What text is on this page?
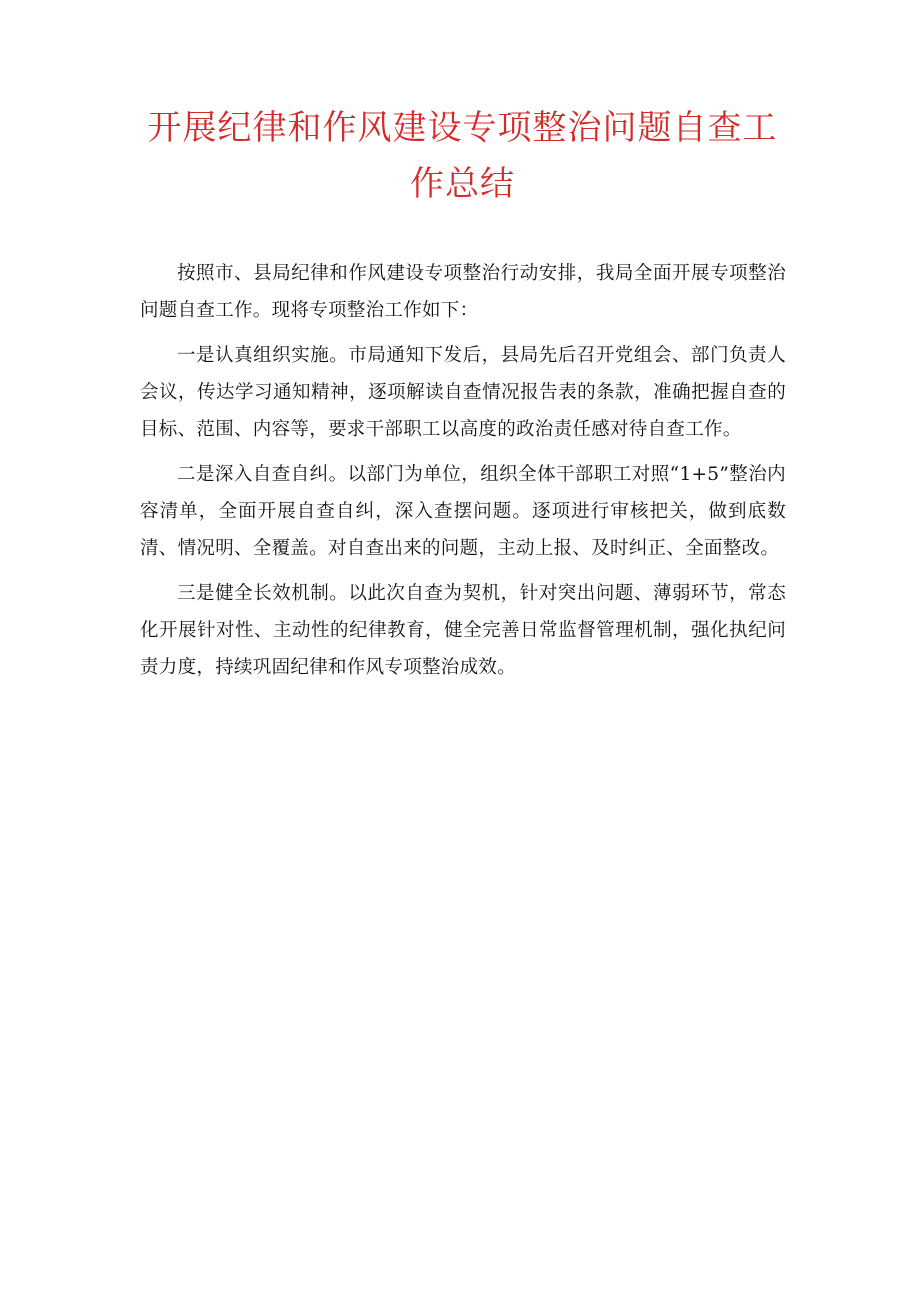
开展纪律和作风建设专项整治问题自查工作总结

按照市、县局纪律和作风建设专项整治行动安排，我局全面开展专项整治问题自查工作。现将专项整治工作如下：

一是认真组织实施。市局通知下发后，县局先后召开党组会、部门负责人会议，传达学习通知精神，逐项解读自查情况报告表的条款，准确把握自查的目标、范围、内容等，要求干部职工以高度的政治责任感对待自查工作。

二是深入自查自纠。以部门为单位，组织全体干部职工对照“1+5”整治内容清单，全面开展自查自纠，深入查摆问题。逐项进行审核把关，做到底数清、情况明、全覆盖。对自查出来的问题，主动上报、及时纠正、全面整改。

三是健全长效机制。以此次自查为契机，针对突出问题、薄弱环节，常态化开展针对性、主动性的纪律教育，健全完善日常监督管理机制，强化执纪问责力度，持续巩固纪律和作风专项整治成效。
